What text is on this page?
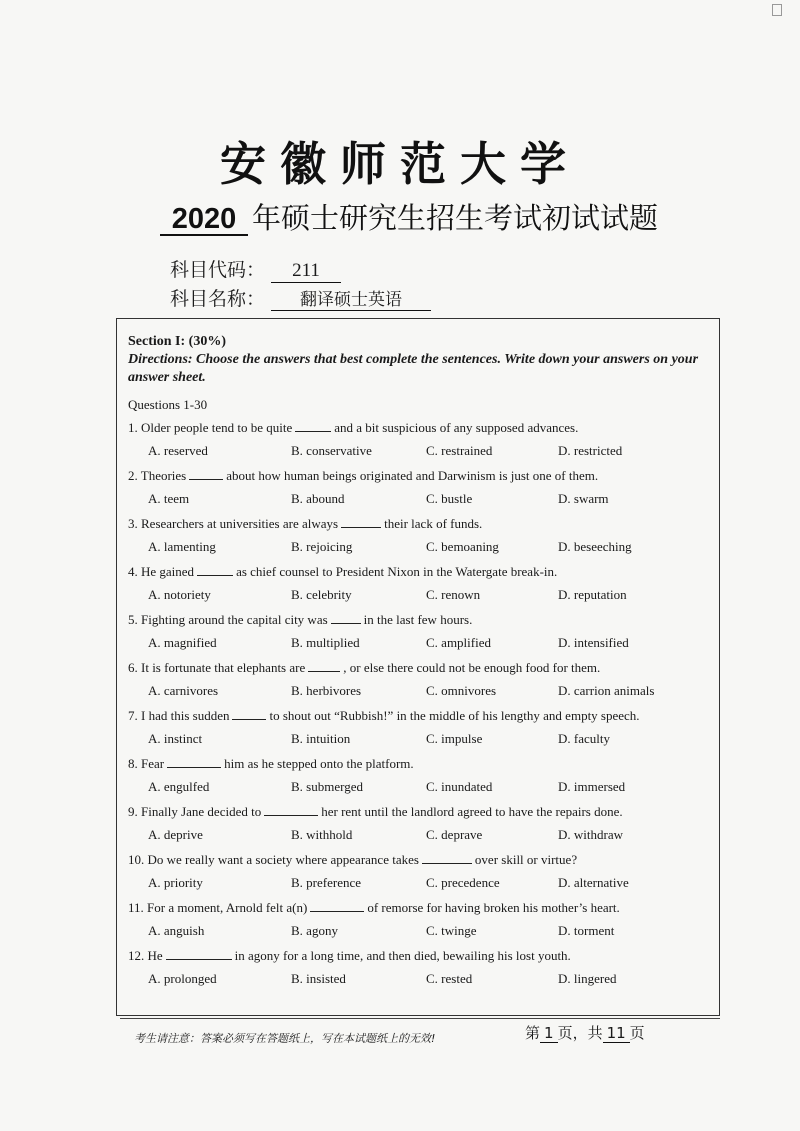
安徽师范大学
2020 年硕士研究生招生考试初试试题
科目代码： 211
科目名称： 翻译硕士英语
Section I: (30%)
Directions: Choose the answers that best complete the sentences. Write down your answers on your answer sheet.
Questions 1-30
1. Older people tend to be quite	and a bit suspicious of any supposed advances.
A. reserved	B. conservative	C. restrained	D. restricted
2. Theories	about how human beings originated and Darwinism is just one of them.
A. teem	B. abound	C. bustle	D. swarm
3. Researchers at universities are always	their lack of funds.
A. lamenting	B. rejoicing	C. bemoaning	D. beseeching
4. He gained	as chief counsel to President Nixon in the Watergate break-in.
A. notoriety	B. celebrity	C. renown	D. reputation
5. Fighting around the capital city was	in the last few hours.
A. magnified	B. multiplied	C. amplified	D. intensified
6. It is fortunate that elephants are	, or else there could not be enough food for them.
A. carnivores	B. herbivores	C. omnivores	D. carrion animals
7. I had this sudden	to shout out “Rubbish!” in the middle of his lengthy and empty speech.
A. instinct	B. intuition	C. impulse	D. faculty
8. Fear	him as he stepped onto the platform.
A. engulfed	B. submerged	C. inundated	D. immersed
9. Finally Jane decided to	her rent until the landlord agreed to have the repairs done.
A. deprive	B. withhold	C. deprave	D. withdraw
10. Do we really want a society where appearance takes	over skill or virtue?
A. priority	B. preference	C. precedence	D. alternative
11. For a moment, Arnold felt a(n)	of remorse for having broken his mother’s heart.
A. anguish	B. agony	C. twinge	D. torment
12. He	in agony for a long time, and then died, bewailing his lost youth.
A. prolonged	B. insisted	C. rested	D. lingered
考生请注意：答案必须写在答题纸上，写在本试题纸上的无效!	第 1 页，共 11 页
